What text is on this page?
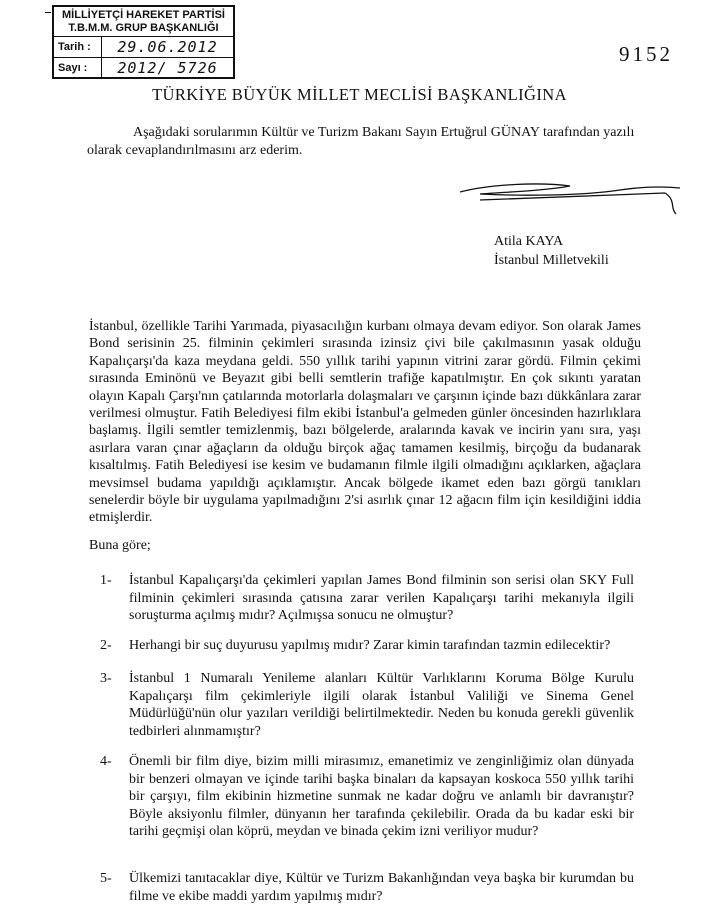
MİLLİYETÇİ HAREKET PARTİSİ
T.B.M.M. GRUP BAŞKANLIĞI
Tarih :	29.06.2012
Sayı :	2012/ 5726
9152
TÜRKİYE BÜYÜK MİLLET MECLİSİ BAŞKANLIĞINA

Aşağıdaki sorularımın Kültür ve Turizm Bakanı Sayın Ertuğrul GÜNAY tarafından yazılı olarak cevaplandırılmasını arz ederim.

Atila KAYA
İstanbul Milletvekili
İstanbul, özellikle Tarihi Yarımada, piyasacılığın kurbanı olmaya devam ediyor. Son olarak James Bond serisinin 25. filminin çekimleri sırasında izinsiz çivi bile çakılmasının yasak olduğu Kapalıçarşı'da kaza meydana geldi. 550 yıllık tarihi yapının vitrini zarar gördü. Filmin çekimi sırasında Eminönü ve Beyazıt gibi belli semtlerin trafiğe kapatılmıştır. En çok sıkıntı yaratan olayın Kapalı Çarşı'nın çatılarında motorlarla dolaşmaları ve çarşının içinde bazı dükkânlara zarar verilmesi olmuştur. Fatih Belediyesi film ekibi İstanbul'a gelmeden günler öncesinden hazırlıklara başlamış. İlgili semtler temizlenmiş, bazı bölgelerde, aralarında kavak ve incirin yanı sıra, yaşı asırlara varan çınar ağaçların da olduğu birçok ağaç tamamen kesilmiş, birçoğu da budanarak kısaltılmış. Fatih Belediyesi ise kesim ve budamanın filmle ilgili olmadığını açıklarken, ağaçlara mevsimsel budama yapıldığı açıklamıştır. Ancak bölgede ikamet eden bazı görgü tanıkları senelerdir böyle bir uygulama yapılmadığını 2'si asırlık çınar 12 ağacın film için kesildiğini iddia etmişlerdir.
Buna göre;
1-	İstanbul Kapalıçarşı'da çekimleri yapılan James Bond filminin son serisi olan SKY Full filminin çekimleri sırasında çatısına zarar verilen Kapalıçarşı tarihi mekanıyla ilgili soruşturma açılmış mıdır? Açılmışsa sonucu ne olmuştur?
2-	Herhangi bir suç duyurusu yapılmış mıdır? Zarar kimin tarafından tazmin edilecektir?
3-	İstanbul 1 Numaralı Yenileme alanları Kültür Varlıklarını Koruma Bölge Kurulu Kapalıçarşı film çekimleriyle ilgili olarak İstanbul Valiliği ve Sinema Genel Müdürlüğü'nün olur yazıları verildiği belirtilmektedir. Neden bu konuda gerekli güvenlik tedbirleri alınmamıştır?
4-	Önemli bir film diye, bizim milli mirasımız, emanetimiz ve zenginliğimiz olan dünyada bir benzeri olmayan ve içinde tarihi başka binaları da kapsayan koskoca 550 yıllık tarihi bir çarşıyı, film ekibinin hizmetine sunmak ne kadar doğru ve anlamlı bir davranıştır? Böyle aksiyonlu filmler, dünyanın her tarafında çekilebilir. Orada da bu kadar eski bir tarihi geçmişi olan köprü, meydan ve binada çekim izni veriliyor mudur?
5-	Ülkemizi tanıtacaklar diye, Kültür ve Turizm Bakanlığından veya başka bir kurumdan bu filme ve ekibe maddi yardım yapılmış mıdır?
